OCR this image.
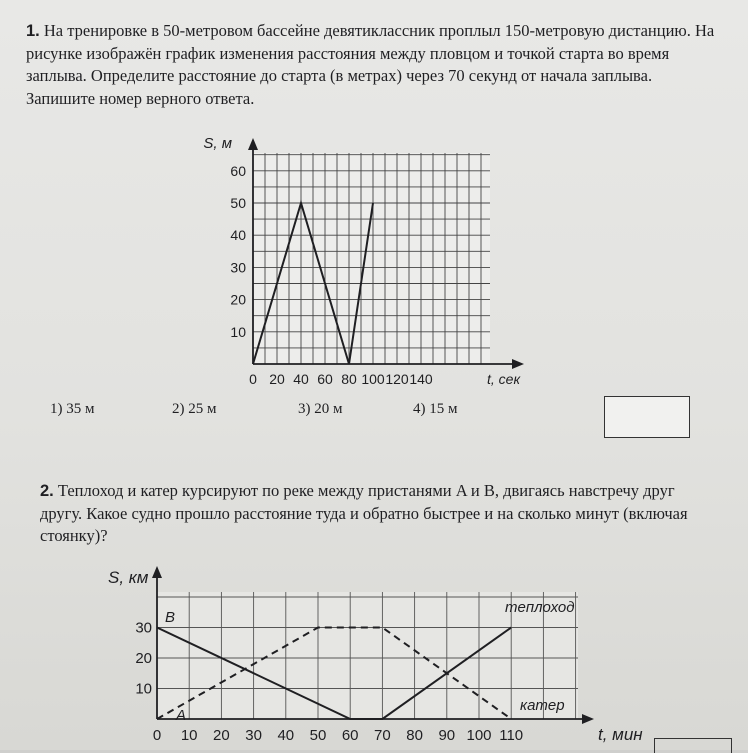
1. На тренировке в 50-метровом бассейне девятиклассник проплыл 150-метровую дистанцию. На рисунке изображён график изменения расстояния между пловцом и точкой старта во время заплыва. Определите расстояние до старта (в метрах) через 70 секунд от начала заплыва. Запишите номер верного ответа.
0 20 40 60 80 100 120 140
10
20
30
40
50
60
S, м
t, сек
1) 35 м	2) 25 м	3) 20 м	4) 15 м
2. Теплоход и катер курсируют по реке между пристанями A и B, двигаясь навстречу друг другу. Какое судно прошло расстояние туда и обратно быстрее и на сколько минут (включая стоянку)?
0 10 20 30 40 50 60 70 80 90 100 110
10
20
30
S, км
t, мин
B
A
теплоход
катер
